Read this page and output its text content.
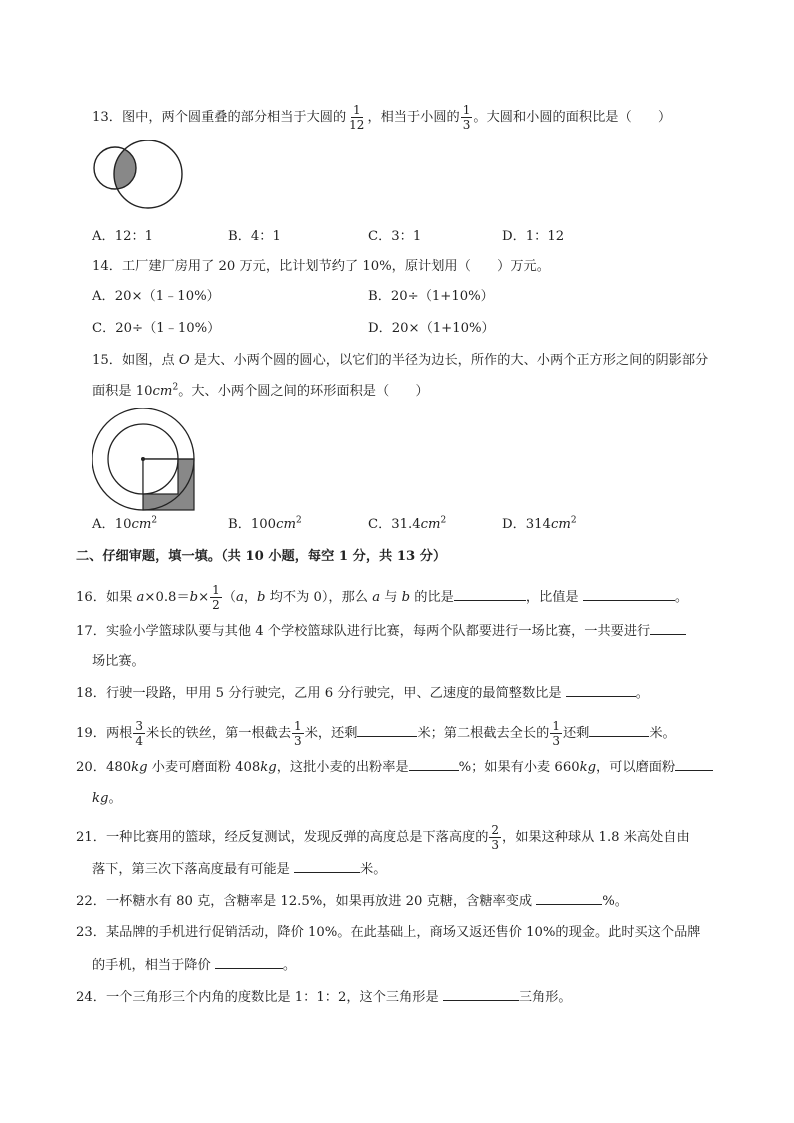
13．图中，两个圆重叠的部分相当于大圆的 $\frac{1}{12}$ ，相当于小圆的 $\frac{1}{3}$ 。大圆和小圆的面积比是（　　）
A．12：1	B．4：1	C．3：1	D．1：12
14．工厂建厂房用了 20 万元，比计划节约了 10%，原计划用（　　）万元。
A．20×（1﹣10%）	B．20÷（1+10%）
C．20÷（1﹣10%）	D．20×（1+10%）
15．如图，点 O 是大、小两个圆的圆心，以它们的半径为边长，所作的大、小两个正方形之间的阴影部分
面积是 $10cm^2$。大、小两个圆之间的环形面积是（　　）
A．$10cm^2$	B．$100cm^2$	C．$31.4cm^2$	D．$314cm^2$
二、仔细审题，填一填。（共 10 小题，每空 1 分，共 13 分）
16．如果 $a\times 0.8=b\times \frac{1}{2} (a$，b 均不为 0），那么 a 与 b 的比是	，比值是	。
17．实验小学篮球队要与其他 4 个学校篮球队进行比赛，每两个队都要进行一场比赛，一共要进行
场比赛。
18．行驶一段路，甲用 5 分行驶完，乙用 6 分行驶完，甲、乙速度的最简整数比是	。
19．两根 $\frac{3}{4}$ 米长的铁丝，第一根截去 $\frac{1}{3}$ 米，还剩	米；第二根截去全长的 $\frac{1}{3}$ 还剩	米。
20．480kg 小麦可磨面粉 408kg，这批小麦的出粉率是	%；如果有小麦 660kg，可以磨面粉
kg。
21．一种比赛用的篮球，经反复测试，发现反弹的高度总是下落高度的 $\frac{2}{3}$ ，如果这种球从 1.8 米高处自由
落下，第三次下落高度最有可能是	米。
22．一杯糖水有 80 克，含糖率是 12.5%，如果再放进 20 克糖，含糖率变成	%。
23．某品牌的手机进行促销活动，降价 10%。在此基础上，商场又返还售价 10%的现金。此时买这个品牌
的手机，相当于降价	。
24．一个三角形三个内角的度数比是 1：1：2，这个三角形是	三角形。
